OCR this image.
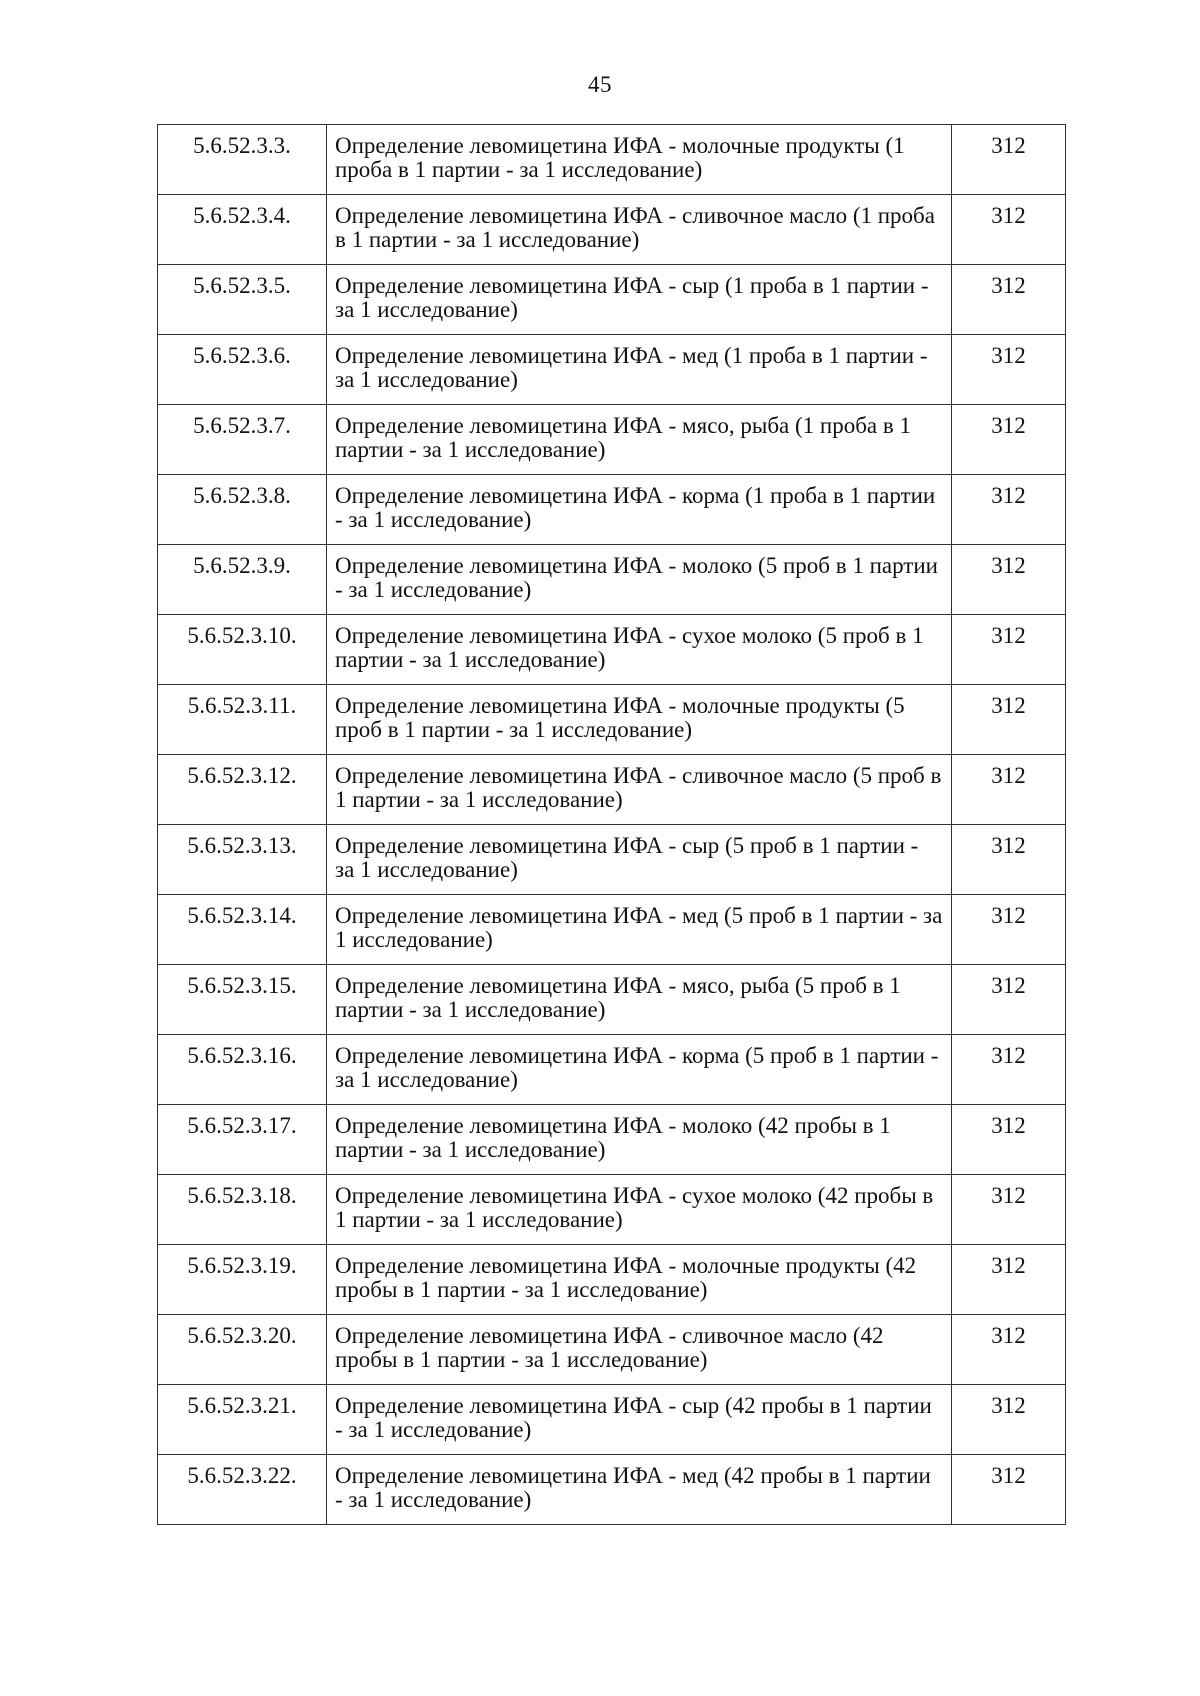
45
5.6.52.3.3.	Определение левомицетина ИФА - молочные продукты (1 проба в 1 партии - за 1 исследование)	312
5.6.52.3.4.	Определение левомицетина ИФА - сливочное масло (1 проба в 1 партии - за 1 исследование)	312
5.6.52.3.5.	Определение левомицетина ИФА - сыр (1 проба в 1 партии - за 1 исследование)	312
5.6.52.3.6.	Определение левомицетина ИФА - мед (1 проба в 1 партии - за 1 исследование)	312
5.6.52.3.7.	Определение левомицетина ИФА - мясо, рыба (1 проба в 1 партии - за 1 исследование)	312
5.6.52.3.8.	Определение левомицетина ИФА - корма (1 проба в 1 партии - за 1 исследование)	312
5.6.52.3.9.	Определение левомицетина ИФА - молоко (5 проб в 1 партии - за 1 исследование)	312
5.6.52.3.10.	Определение левомицетина ИФА - сухое молоко (5 проб в 1 партии - за 1 исследование)	312
5.6.52.3.11.	Определение левомицетина ИФА - молочные продукты (5 проб в 1 партии - за 1 исследование)	312
5.6.52.3.12.	Определение левомицетина ИФА - сливочное масло (5 проб в 1 партии - за 1 исследование)	312
5.6.52.3.13.	Определение левомицетина ИФА - сыр (5 проб в 1 партии - за 1 исследование)	312
5.6.52.3.14.	Определение левомицетина ИФА - мед (5 проб в 1 партии - за 1 исследование)	312
5.6.52.3.15.	Определение левомицетина ИФА - мясо, рыба (5 проб в 1 партии - за 1 исследование)	312
5.6.52.3.16.	Определение левомицетина ИФА - корма (5 проб в 1 партии - за 1 исследование)	312
5.6.52.3.17.	Определение левомицетина ИФА - молоко (42 пробы в 1 партии - за 1 исследование)	312
5.6.52.3.18.	Определение левомицетина ИФА - сухое молоко (42 пробы в 1 партии - за 1 исследование)	312
5.6.52.3.19.	Определение левомицетина ИФА - молочные продукты (42 пробы в 1 партии - за 1 исследование)	312
5.6.52.3.20.	Определение левомицетина ИФА - сливочное масло (42 пробы в 1 партии - за 1 исследование)	312
5.6.52.3.21.	Определение левомицетина ИФА - сыр (42 пробы в 1 партии - за 1 исследование)	312
5.6.52.3.22.	Определение левомицетина ИФА - мед (42 пробы в 1 партии - за 1 исследование)	312
